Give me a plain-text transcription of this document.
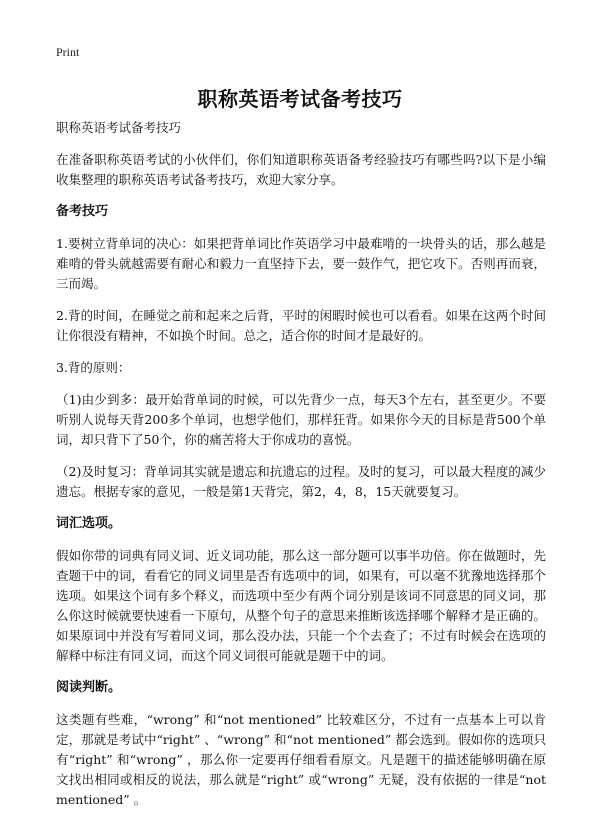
Print
职称英语考试备考技巧

职称英语考试备考技巧

在准备职称英语考试的小伙伴们，你们知道职称英语备考经验技巧有哪些吗?以下是小编收集整理的职称英语考试备考技巧，欢迎大家分享。

备考技巧

1.要树立背单词的决心：如果把背单词比作英语学习中最难啃的一块骨头的话，那么越是难啃的骨头就越需要有耐心和毅力一直坚持下去，要一鼓作气，把它攻下。否则再而衰，三而竭。

2.背的时间，在睡觉之前和起来之后背，平时的闲暇时候也可以看看。如果在这两个时间让你很没有精神，不如换个时间。总之，适合你的时间才是最好的。

3.背的原则：

（1)由少到多：最开始背单词的时候，可以先背少一点，每天3个左右，甚至更少。不要听别人说每天背200多个单词，也想学他们，那样狂背。如果你今天的目标是背500个单词，却只背下了50个，你的痛苦将大于你成功的喜悦。

（2)及时复习：背单词其实就是遗忘和抗遗忘的过程。及时的复习，可以最大程度的减少遗忘。根据专家的意见，一般是第1天背完，第2，4，8，15天就要复习。

词汇选项。

假如你带的词典有同义词、近义词功能，那么这一部分题可以事半功倍。你在做题时，先查题干中的词，看看它的同义词里是否有选项中的词，如果有，可以毫不犹豫地选择那个选项。如果这个词有多个释义，而选项中至少有两个词分别是该词不同意思的同义词，那么你这时候就要快速看一下原句，从整个句子的意思来推断该选择哪个解释才是正确的。如果原词中并没有写着同义词，那么没办法，只能一个个去查了；不过有时候会在选项的解释中标注有同义词，而这个同义词很可能就是题干中的词。

阅读判断。

这类题有些难，“wrong” 和“not mentioned” 比较难区分，不过有一点基本上可以肯定，那就是考试中“right” 、“wrong” 和“not mentioned” 都会选到。假如你的选项只有“right” 和“wrong” ，那么你一定要再仔细看看原文。凡是题干的描述能够明确在原文找出相同或相反的说法，那么就是“right” 或“wrong” 无疑，没有依据的一律是“not mentioned” 。
